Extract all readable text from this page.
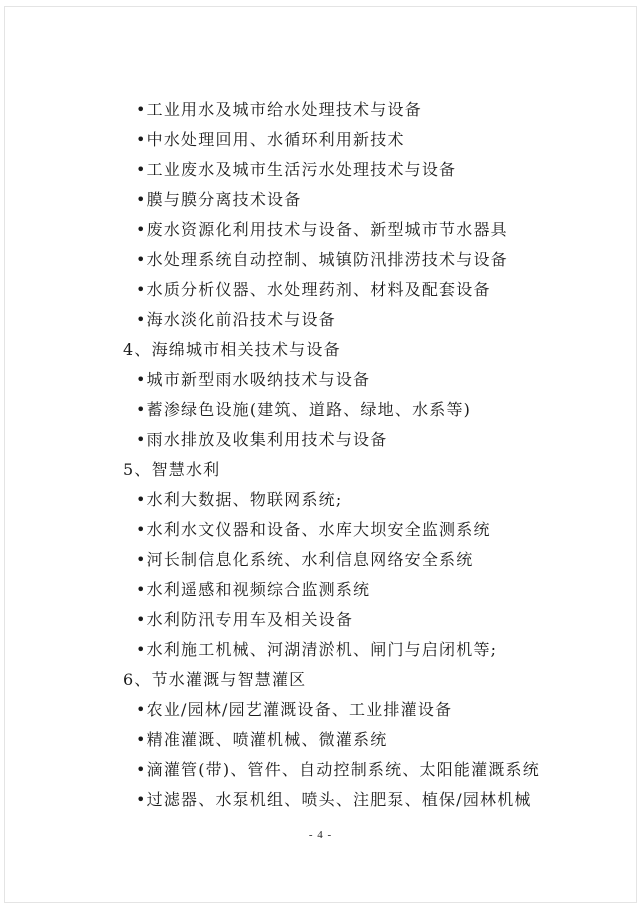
•工业用水及城市给水处理技术与设备
•中水处理回用、水循环利用新技术
•工业废水及城市生活污水处理技术与设备
•膜与膜分离技术设备
•废水资源化利用技术与设备、新型城市节水器具
•水处理系统自动控制、城镇防汛排涝技术与设备
•水质分析仪器、水处理药剂、材料及配套设备
•海水淡化前沿技术与设备
4、海绵城市相关技术与设备
•城市新型雨水吸纳技术与设备
•蓄渗绿色设施(建筑、道路、绿地、水系等)
•雨水排放及收集利用技术与设备
5、智慧水利
•水利大数据、物联网系统;
•水利水文仪器和设备、水库大坝安全监测系统
•河长制信息化系统、水利信息网络安全系统
•水利遥感和视频综合监测系统
•水利防汛专用车及相关设备
•水利施工机械、河湖清淤机、闸门与启闭机等;
6、节水灌溉与智慧灌区
•农业/园林/园艺灌溉设备、工业排灌设备
•精准灌溉、喷灌机械、微灌系统
•滴灌管(带)、管件、自动控制系统、太阳能灌溉系统
•过滤器、水泵机组、喷头、注肥泵、植保/园林机械
- 4 -
